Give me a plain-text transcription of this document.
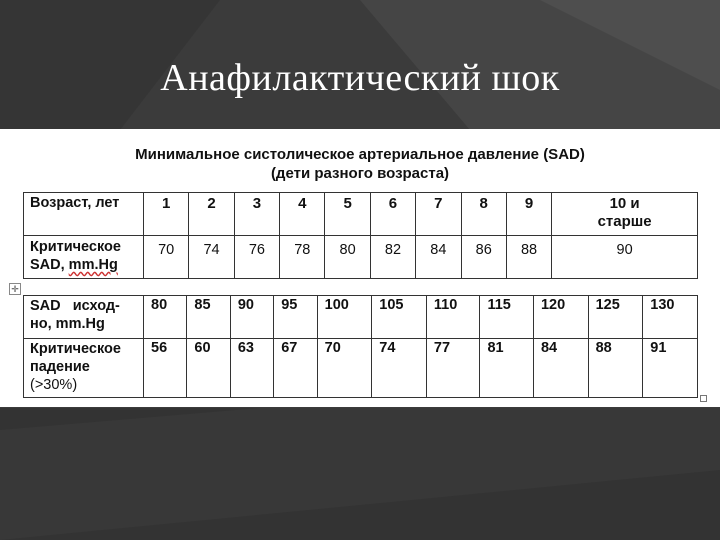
Анафилактический шок
Минимальное систолическое артериальное давление (SAD)
(дети разного возраста)
Возраст, лет	1	2	3	4	5	6	7	8	9	10 и
старше

Критическое
SAD, mm.Hg	70	74	76	78	80	82	84	86	88	90
✛
SAD   исход-
но, mm.Hg	80	85	90	95	100	105	110	115	120	125	130

Критическое
падение
(>30%)	56	60	63	67	70	74	77	81	84	88	91
